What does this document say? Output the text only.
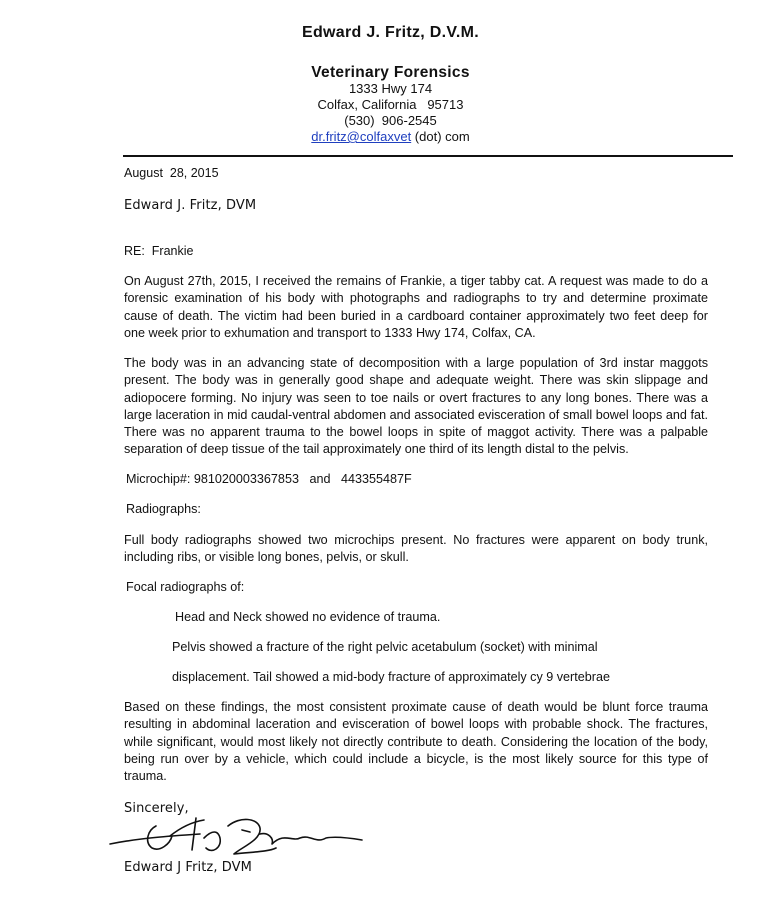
Edward J. Fritz, D.V.M.
Veterinary Forensics
1333 Hwy 174
Colfax, California   95713
(530)  906-2545
dr.fritz@colfaxvet (dot) com
August  28, 2015
Edward J. Fritz, DVM
RE:  Frankie
On August 27th, 2015, I received the remains of Frankie, a tiger tabby cat. A request was made to do a forensic examination of his body with photographs and radiographs to try and determine proximate cause of death. The victim had been buried in a cardboard container approximately two feet deep for one week prior to exhumation and transport to 1333 Hwy 174, Colfax, CA.
The body was in an advancing state of decomposition with a large population of 3rd instar maggots present. The body was in generally good shape and adequate weight. There was skin slippage and adiopocere forming. No injury was seen to toe nails or overt fractures to any long bones. There was a large laceration in mid caudal-ventral abdomen and associated evisceration of small bowel loops and fat. There was no apparent trauma to the bowel loops in spite of maggot activity. There was a palpable separation of deep tissue of the tail approximately one third of its length distal to the pelvis.
Microchip#: 981020003367853   and   443355487F
Radiographs:
Full body radiographs showed two microchips present. No fractures were apparent on body trunk, including ribs, or visible long bones, pelvis, or skull.
Focal radiographs of:
Head and Neck showed no evidence of trauma.
Pelvis showed a fracture of the right pelvic acetabulum (socket) with minimal
displacement. Tail showed a mid-body fracture of approximately cy 9 vertebrae
Based on these findings, the most consistent proximate cause of death would be blunt force trauma resulting in abdominal laceration and evisceration of bowel loops with probable shock. The fractures, while significant, would most likely not directly contribute to death. Considering the location of the body, being run over by a vehicle, which could include a bicycle, is the most likely source for this type of trauma.
Sincerely,
Edward J Fritz, DVM
